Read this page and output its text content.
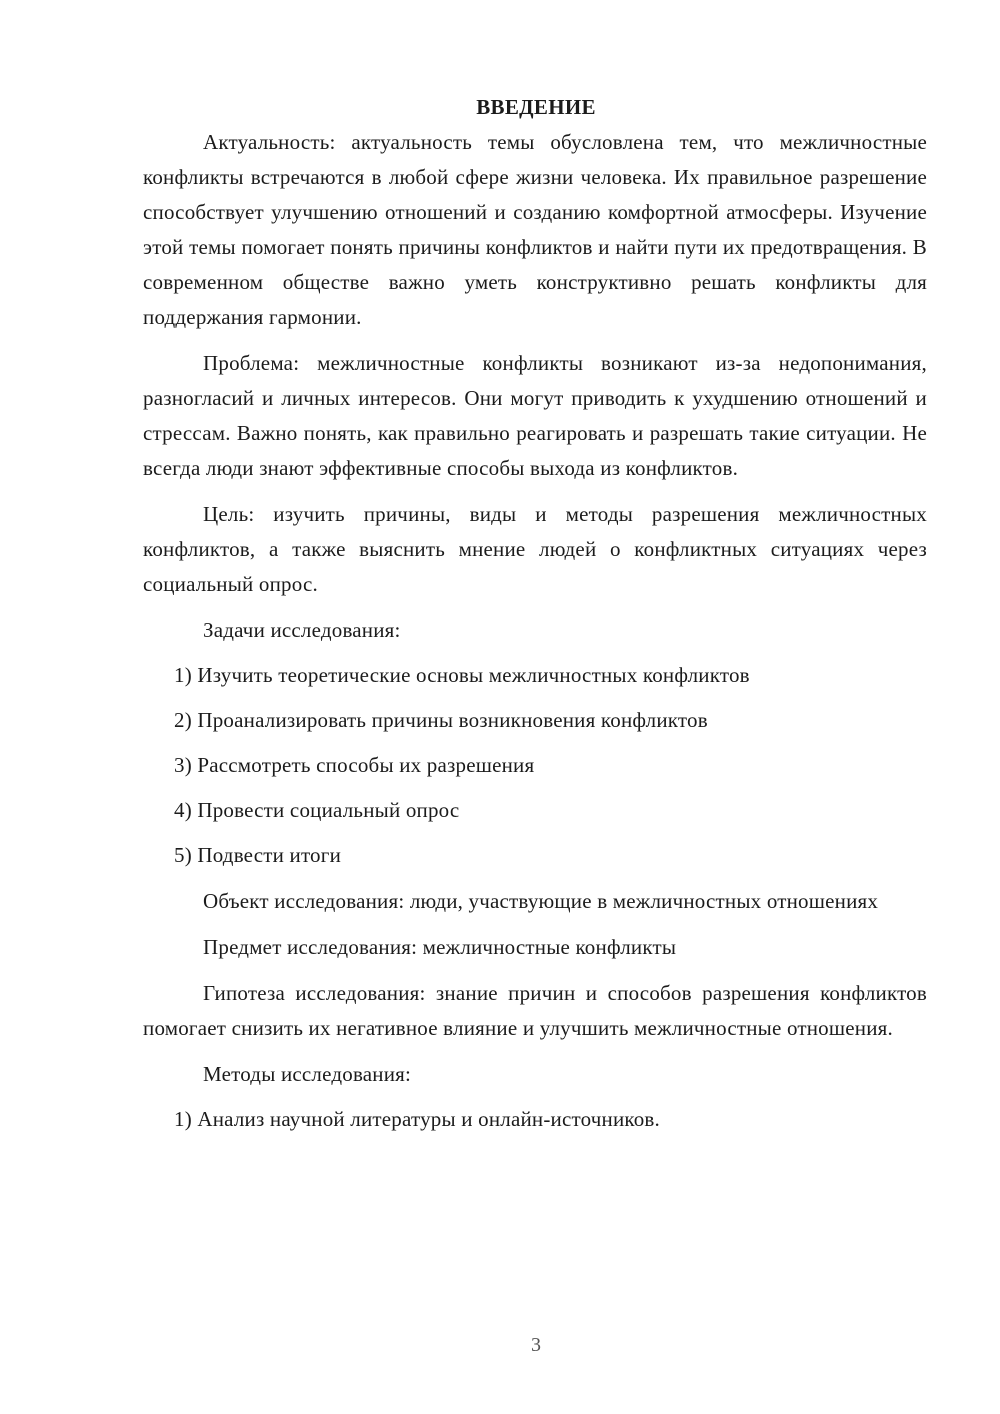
ВВЕДЕНИЕ

Актуальность: актуальность темы обусловлена тем, что межличностные конфликты встречаются в любой сфере жизни человека. Их правильное разрешение способствует улучшению отношений и созданию комфортной атмосферы. Изучение этой темы помогает понять причины конфликтов и найти пути их предотвращения. В современном обществе важно уметь конструктивно решать конфликты для поддержания гармонии.

Проблема: межличностные конфликты возникают из-за недопонимания, разногласий и личных интересов. Они могут приводить к ухудшению отношений и стрессам. Важно понять, как правильно реагировать и разрешать такие ситуации. Не всегда люди знают эффективные способы выхода из конфликтов.

Цель: изучить причины, виды и методы разрешения межличностных конфликтов, а также выяснить мнение людей о конфликтных ситуациях через социальный опрос.

Задачи исследования:

1) Изучить теоретические основы межличностных конфликтов
2) Проанализировать причины возникновения конфликтов
3) Рассмотреть способы их разрешения
4) Провести социальный опрос
5) Подвести итоги

Объект исследования: люди, участвующие в межличностных отношениях

Предмет исследования: межличностные конфликты

Гипотеза исследования: знание причин и способов разрешения конфликтов помогает снизить их негативное влияние и улучшить межличностные отношения.

Методы исследования:

1) Анализ научной литературы и онлайн-источников.
3
